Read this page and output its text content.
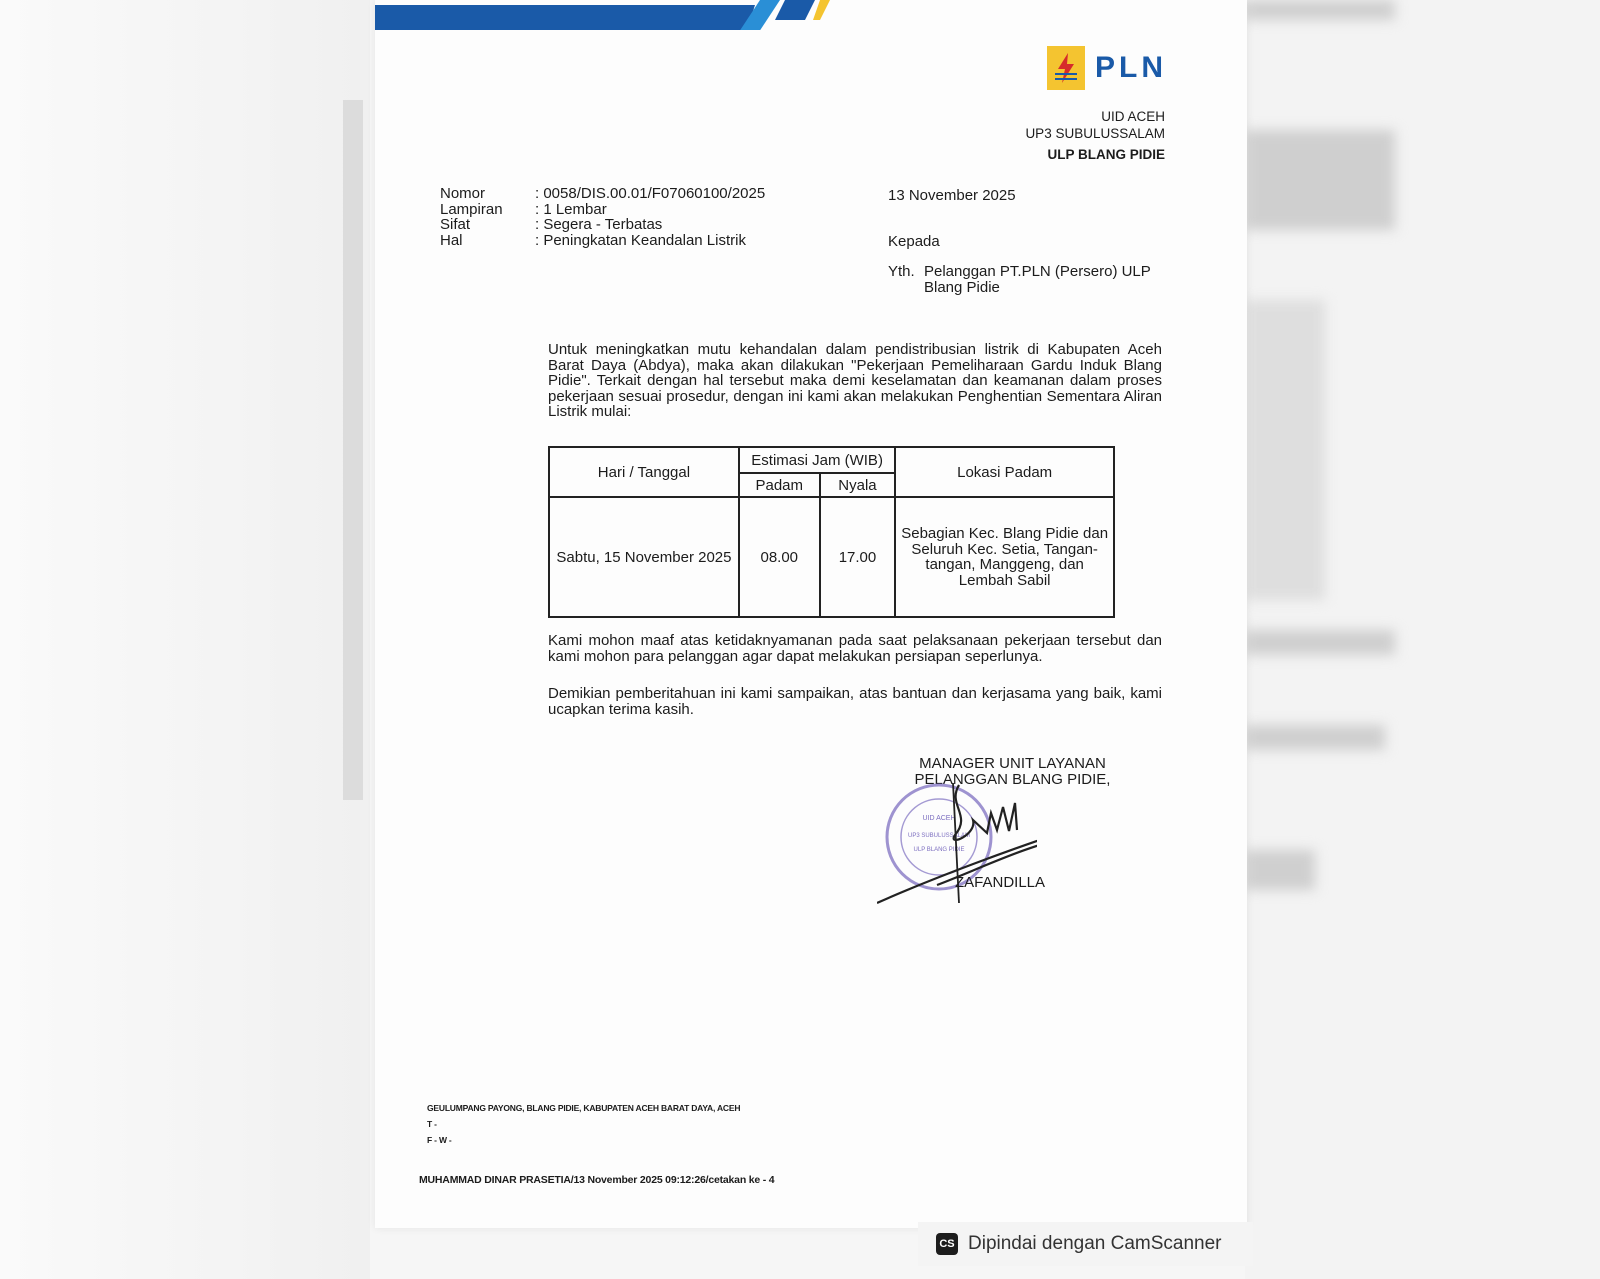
PLN
UID ACEH
UP3 SUBULUSSALAM
ULP BLANG PIDIE
Nomor	: 0058/DIS.00.01/F07060100/2025
Lampiran	: 1 Lembar
Sifat	: Segera - Terbatas
Hal	: Peningkatan Keandalan Listrik
13 November 2025
Kepada
Yth. Pelanggan PT.PLN (Persero) ULP Blang Pidie
Untuk meningkatkan mutu kehandalan dalam pendistribusian listrik di Kabupaten Aceh Barat Daya (Abdya), maka akan dilakukan "Pekerjaan Pemeliharaan Gardu Induk Blang Pidie". Terkait dengan hal tersebut maka demi keselamatan dan keamanan dalam proses pekerjaan sesuai prosedur, dengan ini kami akan melakukan Penghentian Sementara Aliran Listrik mulai:
Hari / Tanggal	Estimasi Jam (WIB)		Lokasi Padam
	Padam	Nyala	
Sabtu, 15 November 2025	08.00	17.00	Sebagian Kec. Blang Pidie dan Seluruh Kec. Setia, Tangan-tangan, Manggeng, dan Lembah Sabil
Kami mohon maaf atas ketidaknyamanan pada saat pelaksanaan pekerjaan tersebut dan kami mohon para pelanggan agar dapat melakukan persiapan seperlunya.
Demikian pemberitahuan ini kami sampaikan, atas bantuan dan kerjasama yang baik, kami ucapkan terima kasih.
MANAGER UNIT LAYANAN PELANGGAN BLANG PIDIE,
UID ACEH
UP3 SUBULUSSALAM
ULP BLANG PIDIE
ZAFANDILLA
GEULUMPANG PAYONG, BLANG PIDIE, KABUPATEN ACEH BARAT DAYA, ACEH
T -
F - W -
MUHAMMAD DINAR PRASETIA/13 November 2025 09:12:26/cetakan ke - 4
CS Dipindai dengan CamScanner
